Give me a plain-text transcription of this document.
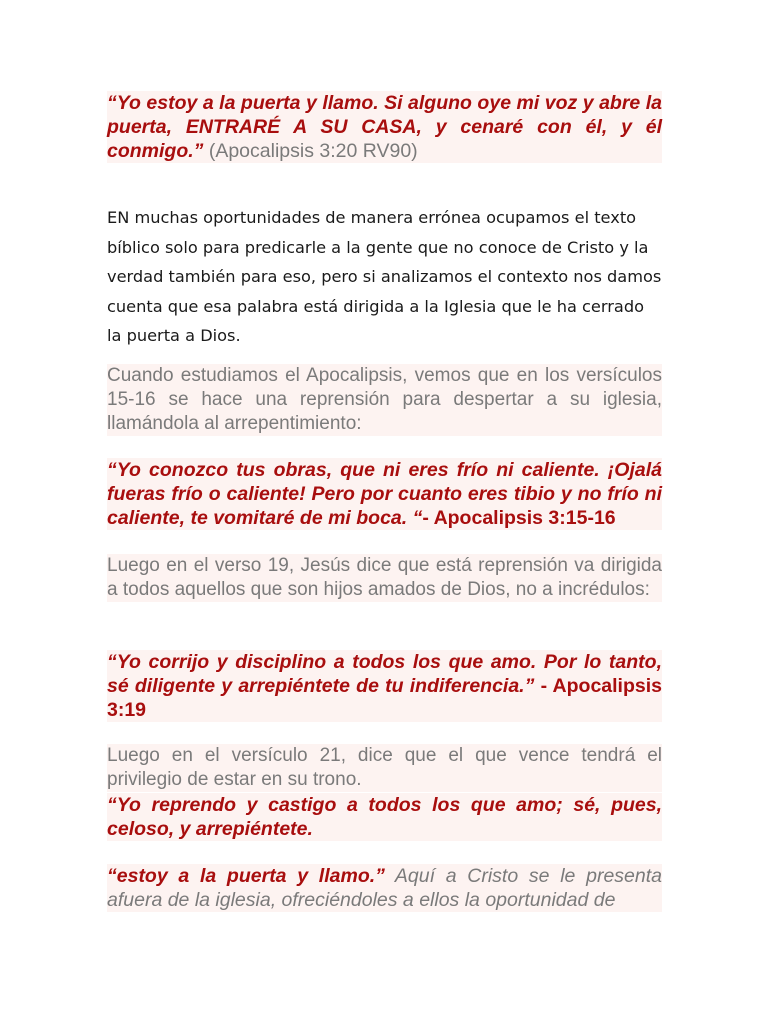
“Yo estoy a la puerta y llamo. Si alguno oye mi voz y abre la puerta, ENTRARÉ A SU CASA, y cenaré con él, y él conmigo.” (Apocalipsis 3:20 RV90)

EN muchas oportunidades de manera errónea ocupamos el texto bíblico solo para predicarle a la gente que no conoce de Cristo y la verdad también para eso, pero si analizamos el contexto nos damos cuenta que esa palabra está dirigida a la Iglesia que le ha cerrado la puerta a Dios.

Cuando estudiamos el Apocalipsis, vemos que en los versículos 15-16 se hace una reprensión para despertar a su iglesia, llamándola al arrepentimiento:

“Yo conozco tus obras, que ni eres frío ni caliente. ¡Ojalá fueras frío o caliente! Pero por cuanto eres tibio y no frío ni caliente, te vomitaré de mi boca. “- Apocalipsis 3:15-16

Luego en el verso 19, Jesús dice que está reprensión va dirigida a todos aquellos que son hijos amados de Dios, no a incrédulos:

“Yo corrijo y disciplino a todos los que amo. Por lo tanto, sé diligente y arrepiéntete de tu indiferencia.” - Apocalipsis 3:19

Luego en el versículo 21, dice que el que vence tendrá el privilegio de estar en su trono.

“Yo reprendo y castigo a todos los que amo; sé, pues, celoso, y arrepiéntete.

“estoy a la puerta y llamo.” Aquí a Cristo se le presenta afuera de la iglesia, ofreciéndoles a ellos la oportunidad de
